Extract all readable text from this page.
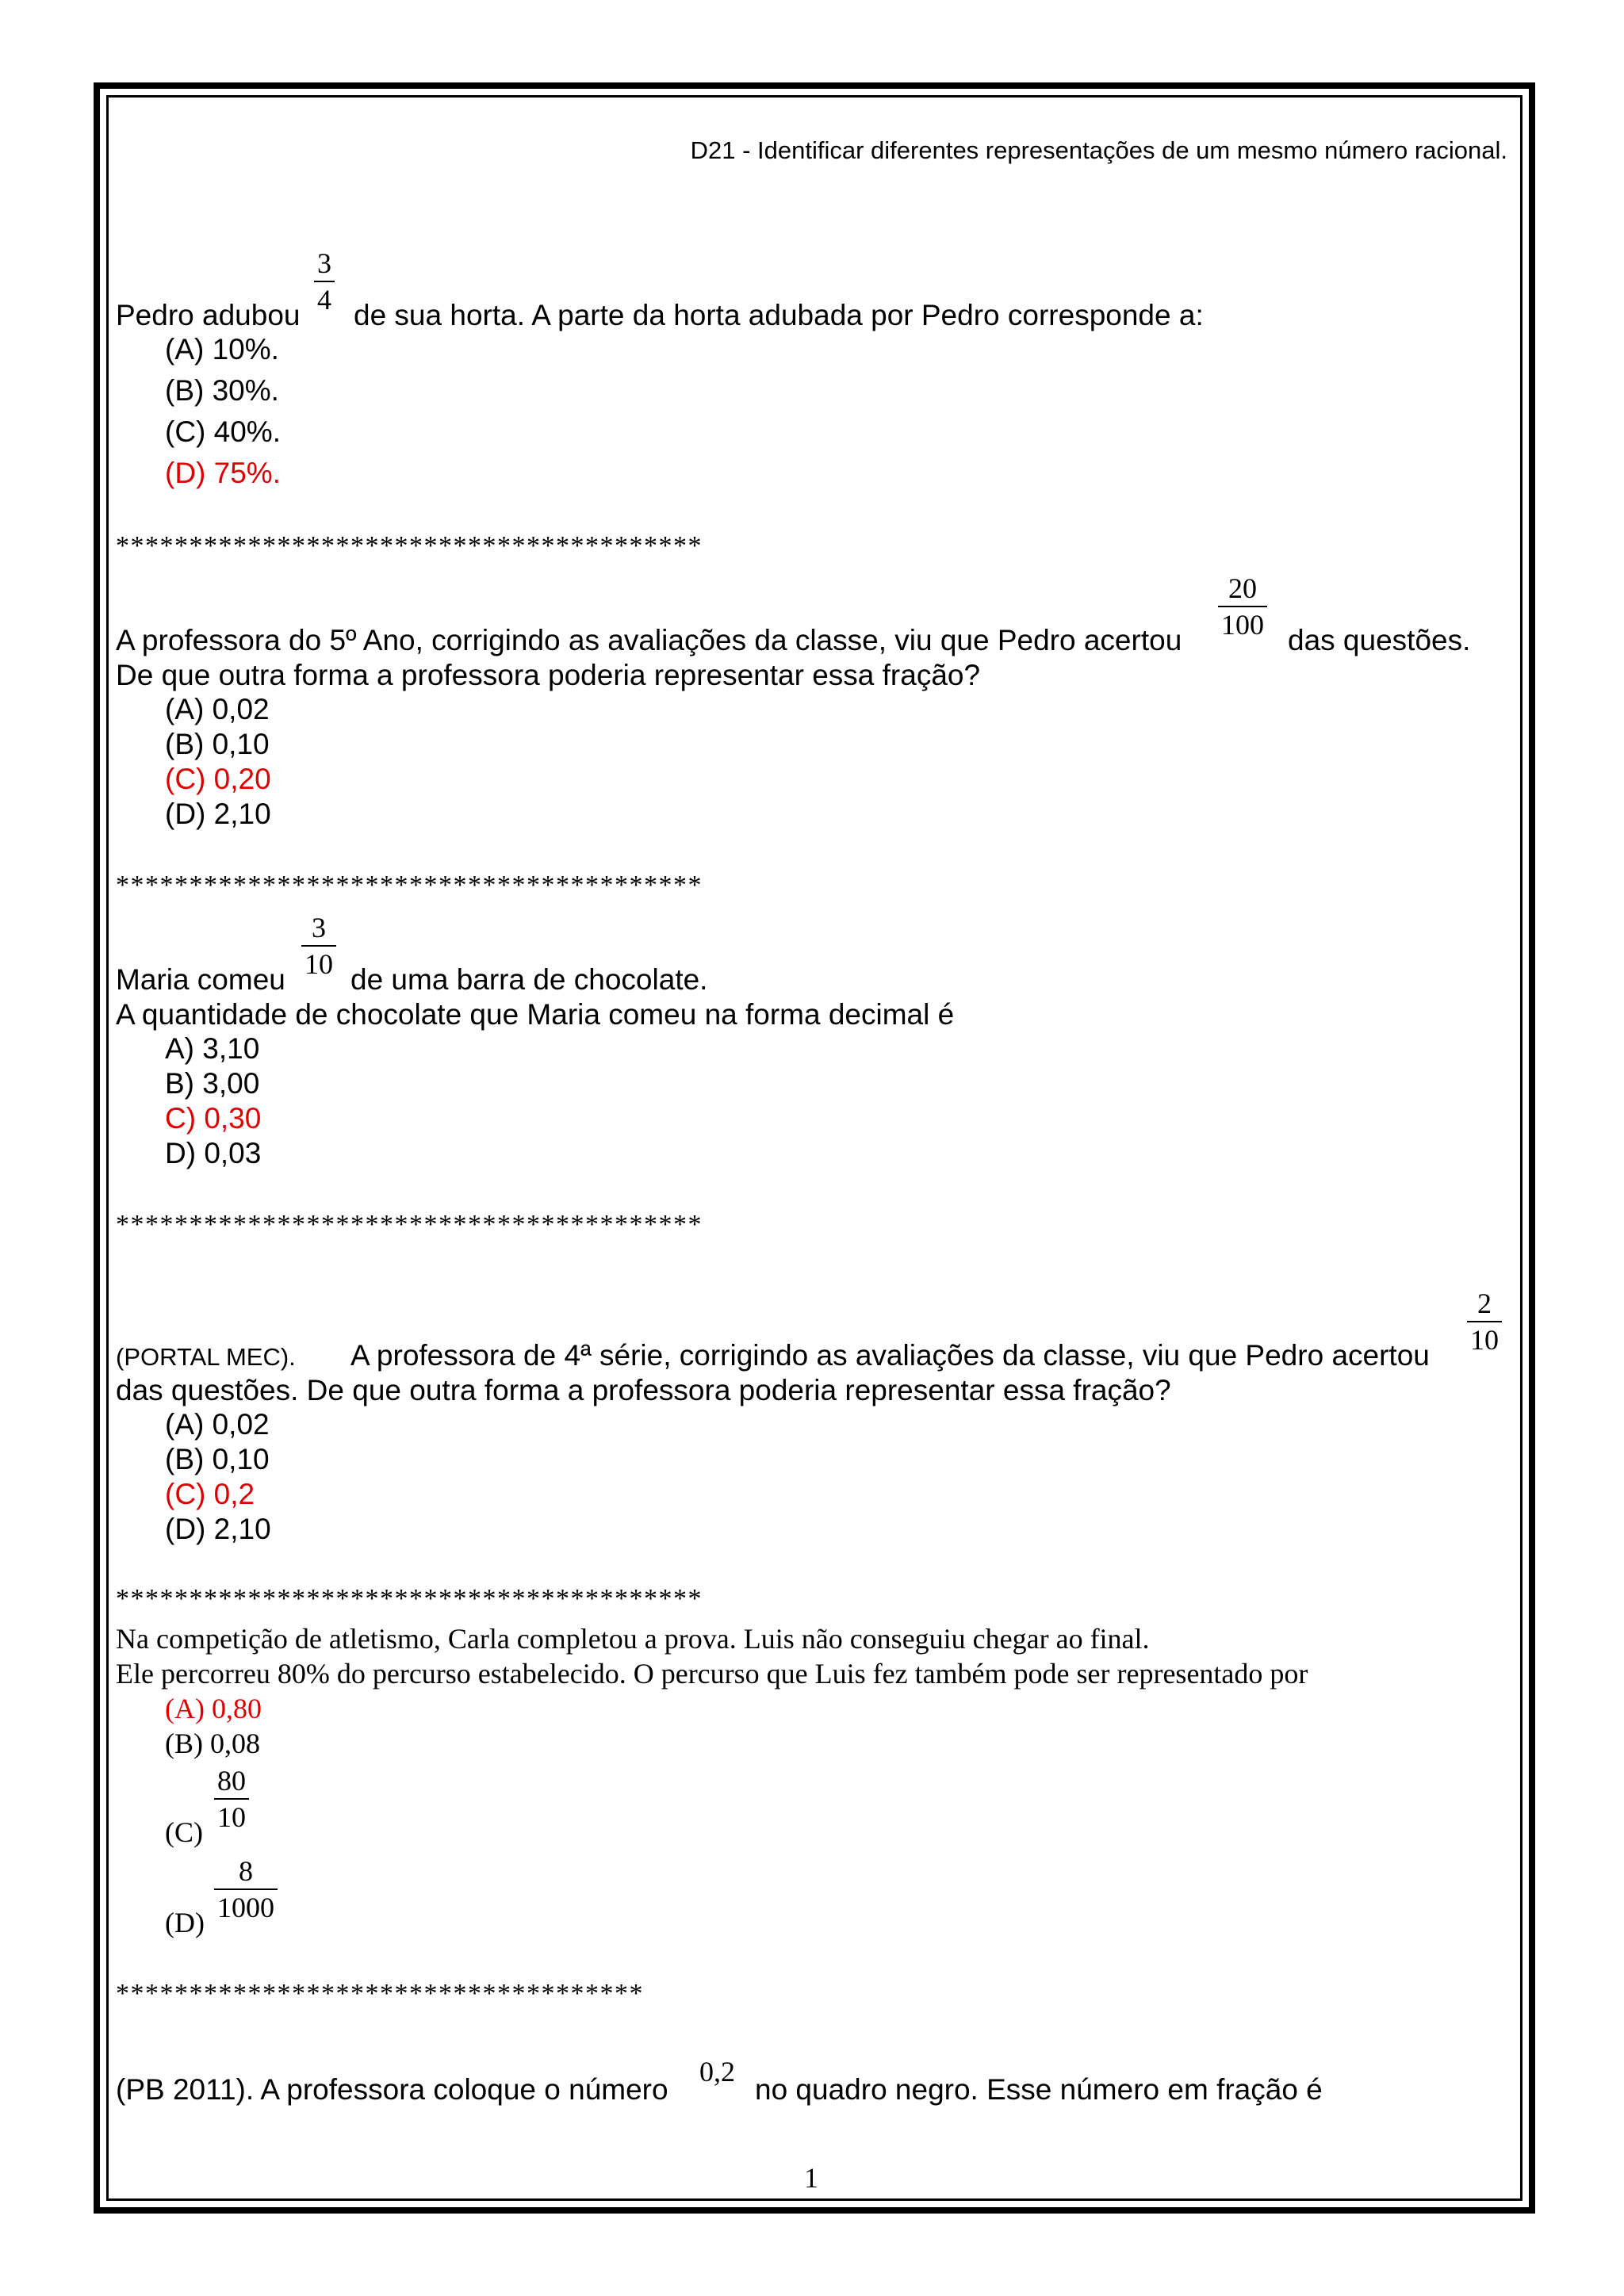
D21 - Identificar diferentes representações de um mesmo número racional.
3
4
Pedro adubou de sua horta. A parte da horta adubada por Pedro corresponde a:
(A) 10%.
(B) 30%.
(C) 40%.
(D) 75%.
****************************************
20
100
A professora do 5º Ano, corrigindo as avaliações da classe, viu que Pedro acertou	das questões.
De que outra forma a professora poderia representar essa fração?
(A) 0,02
(B) 0,10
(C) 0,20
(D) 2,10
****************************************
3
10
Maria comeu de uma barra de chocolate.
A quantidade de chocolate que Maria comeu na forma decimal é
A) 3,10
B) 3,00
C) 0,30
D) 0,03
****************************************
2
10
(PORTAL MEC). A professora de 4ª série, corrigindo as avaliações da classe, viu que Pedro acertou
das questões. De que outra forma a professora poderia representar essa fração?
(A) 0,02
(B) 0,10
(C) 0,2
(D) 2,10
****************************************
Na competição de atletismo, Carla completou a prova. Luis não conseguiu chegar ao final.
Ele percorreu 80% do percurso estabelecido. O percurso que Luis fez também pode ser representado por
(A) 0,80
(B) 0,08
(C)
80
10
(D)
8
1000
************************************
(PB 2011). A professora coloque o número
0,2
no quadro negro. Esse número em fração é
1
